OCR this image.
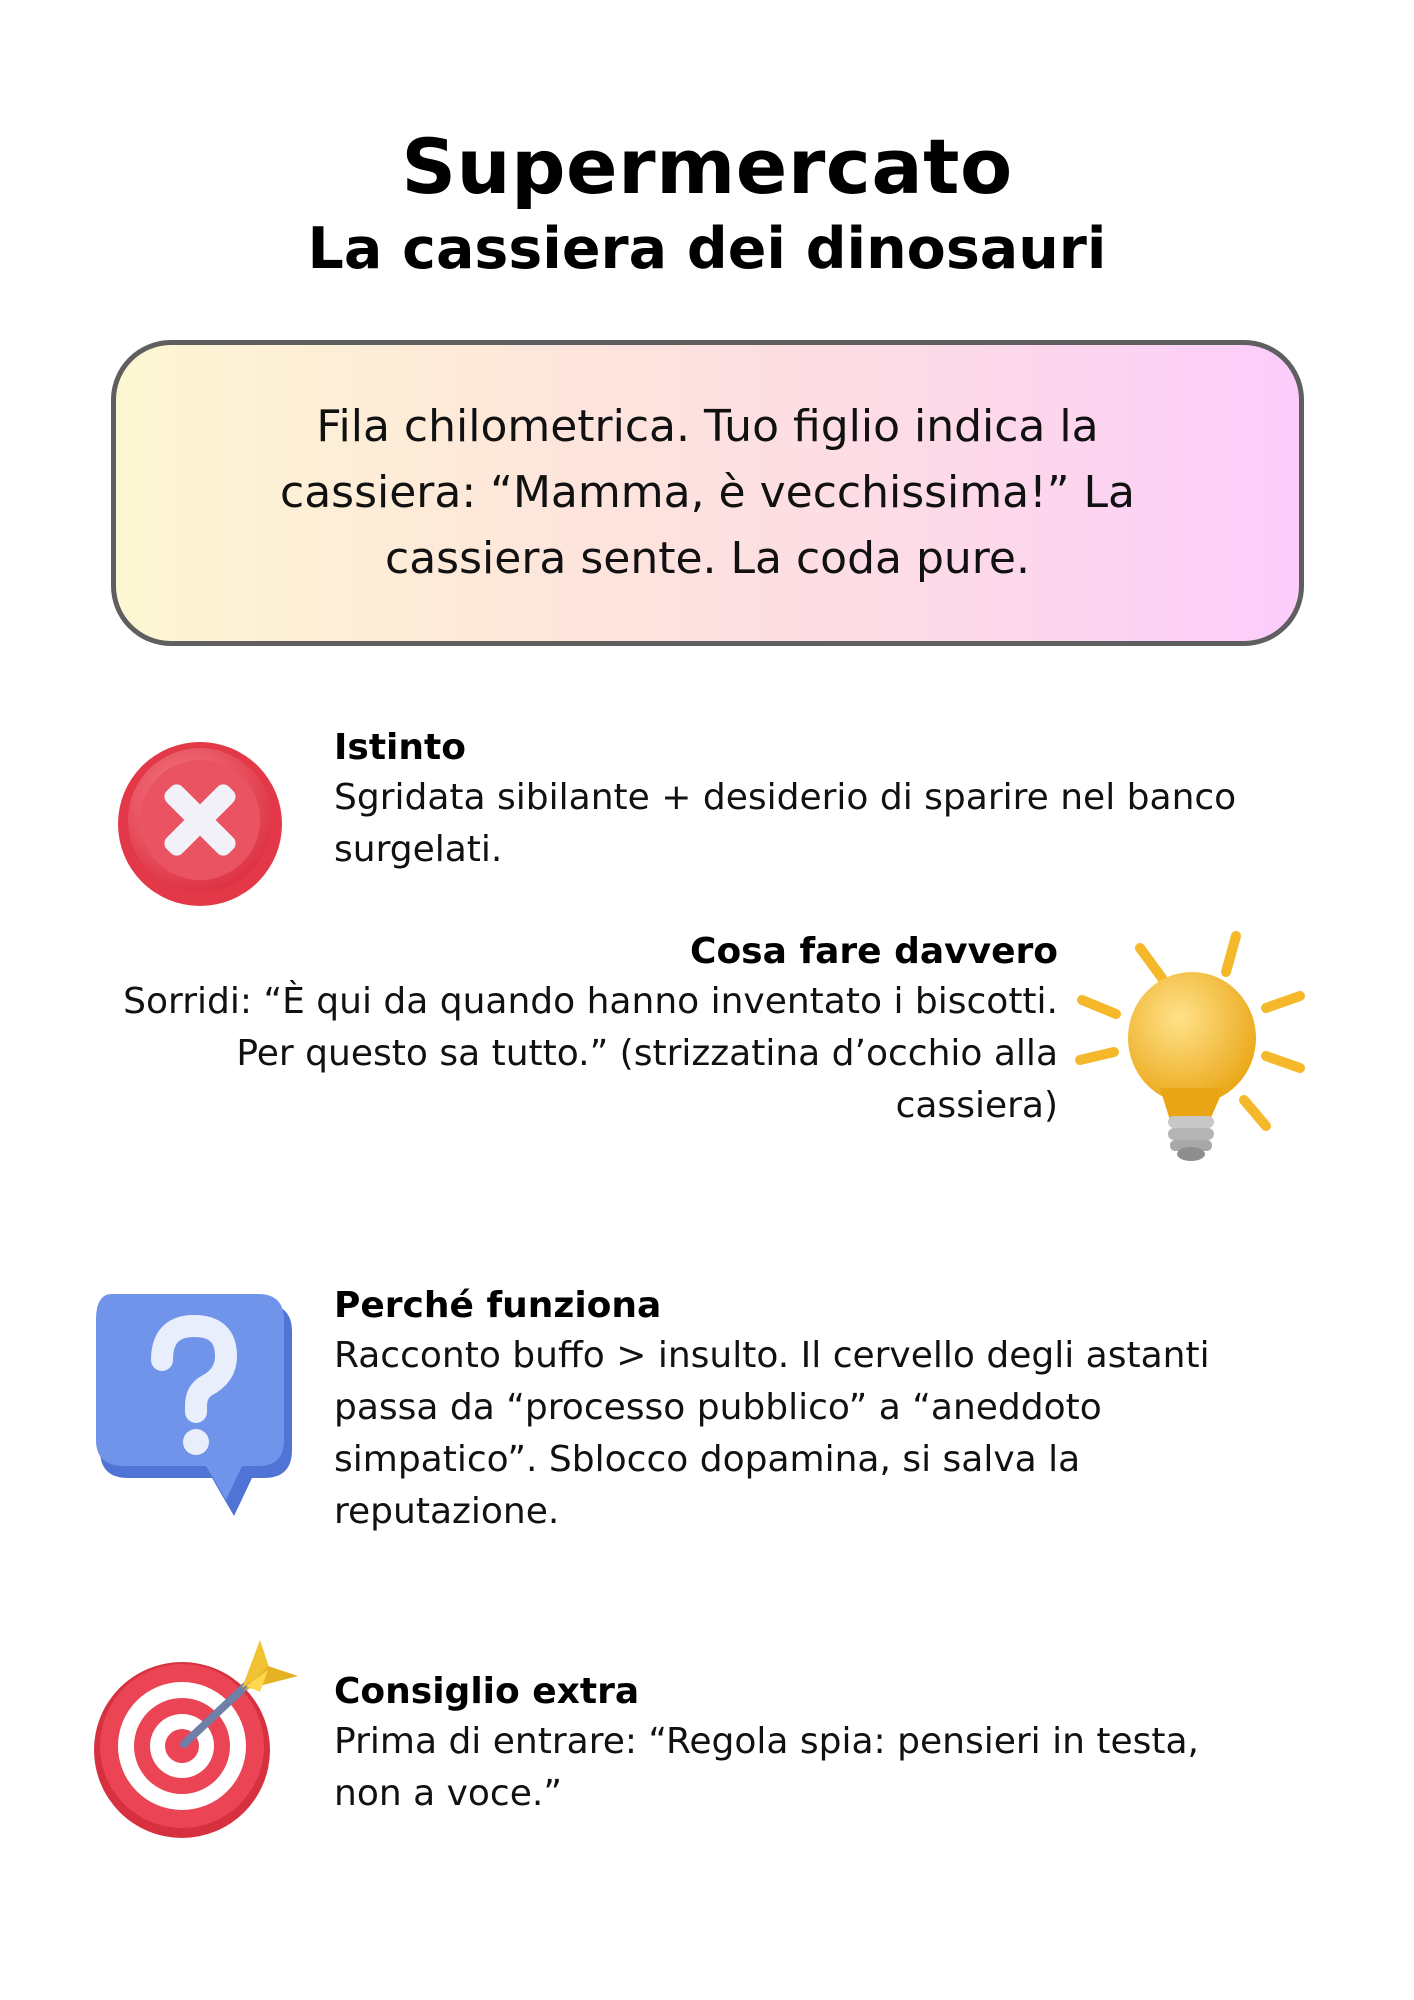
Supermercato
La cassiera dei dinosauri
Fila chilometrica. Tuo figlio indica la cassiera: “Mamma, è vecchissima!” La cassiera sente. La coda pure.
Istinto
Sgridata sibilante + desiderio di sparire nel banco surgelati.
Cosa fare davvero
Sorridi: “È qui da quando hanno inventato i biscotti. Per questo sa tutto.” (strizzatina d’occhio alla cassiera)
Perché funziona
Racconto buffo > insulto. Il cervello degli astanti passa da “processo pubblico” a “aneddoto simpatico”. Sblocco dopamina, si salva la reputazione.
Consiglio extra
Prima di entrare: “Regola spia: pensieri in testa, non a voce.”
